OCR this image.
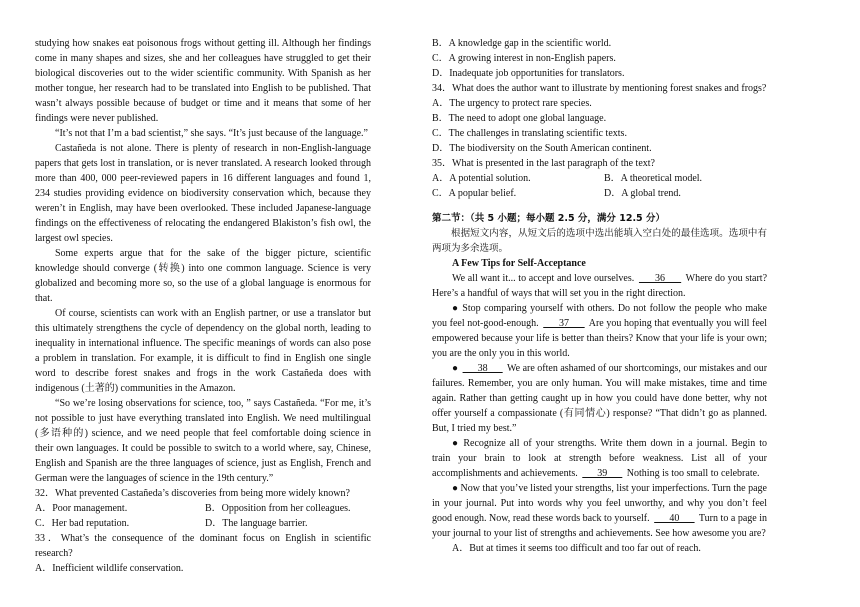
studying how snakes eat poisonous frogs without getting ill. Although her findings come in many shapes and sizes, she and her colleagues have struggled to get their biological discoveries out to the wider scientific community. With Spanish as her mother tongue, her research had to be translated into English to be published. That wasn’t always possible because of budget or time and it means that some of her findings were never published.

“It’s not that I’m a bad scientist,” she says. “It’s just because of the language.”

Castañeda is not alone. There is plenty of research in non-English-language papers that gets lost in translation, or is never translated. A research looked through more than 400, 000 peer-reviewed papers in 16 different languages and found 1, 234 studies providing evidence on biodiversity conservation which, because they weren’t in English, may have been overlooked. These included Japanese-language findings on the effectiveness of relocating the endangered Blakiston’s fish owl, the largest owl species.

Some experts argue that for the sake of the bigger picture, scientific knowledge should converge (转换) into one common language. Science is very globalized and becoming more so, so the use of a global language is enormous for that.

Of course, scientists can work with an English partner, or use a translator but this ultimately strengthens the cycle of dependency on the global north, leading to inequality in international influence. The specific meanings of words can also pose a problem in translation. For example, it is difficult to find in English one single word to describe forest snakes and frogs in the work Castañeda does with indigenous (土著的) communities in the Amazon.

“So we’re losing observations for science, too, ” says Castañeda. “For me, it’s not possible to just have everything translated into English. We need multilingual (多语种的) science, and we need people that feel comfortable doing science in their own languages. It could be possible to switch to a world where, say, Chinese, English and Spanish are the three languages of science, just as English, French and German were the languages of science in the 19th century.”

32．What prevented Castañeda’s discoveries from being more widely known?

A．Poor management.	B．Opposition from her colleagues.
C．Her bad reputation.	D．The language barrier.

33．What’s the consequence of the dominant focus on English in scientific research?

A．Inefficient wildlife conservation.

B．A knowledge gap in the scientific world.

C．A growing interest in non-English papers.

D．Inadequate job opportunities for translators.

34．What does the author want to illustrate by mentioning forest snakes and frogs?

A．The urgency to protect rare species.

B．The need to adopt one global language.

C．The challenges in translating scientific texts.

D．The biodiversity on the South American continent.

35．What is presented in the last paragraph of the text?

A．A potential solution.	B．A theoretical model.
C．A popular belief.	D．A global trend.

第二节：（共 5 小题；每小题 2.5 分，满分 12.5 分）

根据短文内容，从短文后的选项中选出能填入空白处的最佳选项。选项中有两项为多余选项。

A Few Tips for Self-Acceptance

We all want it... to accept and love ourselves.       36       Where do you start? Here’s a handful of ways that will set you in the right direction.

● Stop comparing yourself with others. Do not follow the people who make you feel not-good-enough.       37       Are you hoping that eventually you will feel empowered because your life is better than theirs? Know that your life is your own; you are the only you in this world.

●       38       We are often ashamed of our shortcomings, our mistakes and our failures. Remember, you are only human. You will make mistakes, time and time again. Rather than getting caught up in how you could have done better, why not offer yourself a compassionate (有同情心) response? “That didn’t go as planned. But, I tried my best.”

● Recognize all of your strengths. Write them down in a journal. Begin to train your brain to look at strength before weakness. List all of your accomplishments and achievements.       39       Nothing is too small to celebrate.

● Now that you’ve listed your strengths, list your imperfections. Turn the page in your journal. Put into words why you feel unworthy, and why you don’t feel good enough. Now, read these words back to yourself.       40       Turn to a page in your journal to your list of strengths and achievements. See how awesome you are?

A．But at times it seems too difficult and too far out of reach.
